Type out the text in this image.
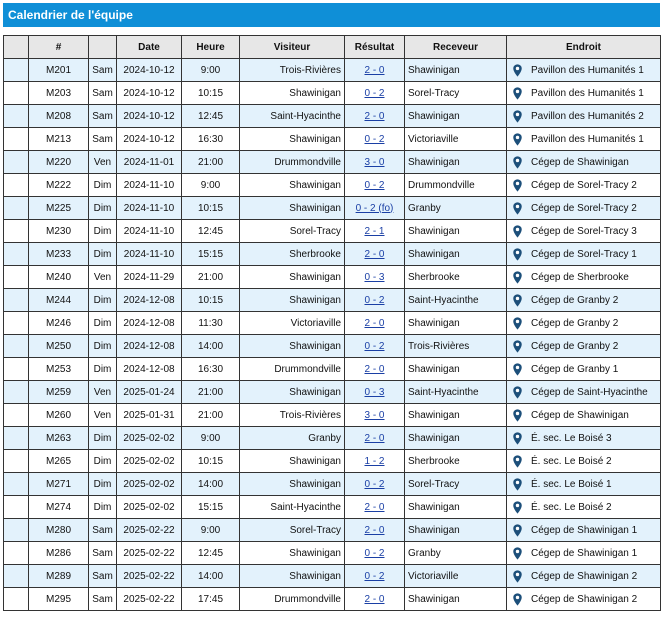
Calendrier de l'équipe
	#		Date	Heure	Visiteur	Résultat	Receveur	Endroit
	M201	Sam	2024-10-12	9:00	Trois-Rivières	2 - 0	Shawinigan	Pavillon des Humanités 1

	M203	Sam	2024-10-12	10:15	Shawinigan	0 - 2	Sorel-Tracy	Pavillon des Humanités 1

	M208	Sam	2024-10-12	12:45	Saint-Hyacinthe	2 - 0	Shawinigan	Pavillon des Humanités 2

	M213	Sam	2024-10-12	16:30	Shawinigan	0 - 2	Victoriaville	Pavillon des Humanités 1

	M220	Ven	2024-11-01	21:00	Drummondville	3 - 0	Shawinigan	Cégep de Shawinigan

	M222	Dim	2024-11-10	9:00	Shawinigan	0 - 2	Drummondville	Cégep de Sorel-Tracy 2

	M225	Dim	2024-11-10	10:15	Shawinigan	0 - 2 (fo)	Granby	Cégep de Sorel-Tracy 2

	M230	Dim	2024-11-10	12:45	Sorel-Tracy	2 - 1	Shawinigan	Cégep de Sorel-Tracy 3

	M233	Dim	2024-11-10	15:15	Sherbrooke	2 - 0	Shawinigan	Cégep de Sorel-Tracy 1

	M240	Ven	2024-11-29	21:00	Shawinigan	0 - 3	Sherbrooke	Cégep de Sherbrooke

	M244	Dim	2024-12-08	10:15	Shawinigan	0 - 2	Saint-Hyacinthe	Cégep de Granby 2

	M246	Dim	2024-12-08	11:30	Victoriaville	2 - 0	Shawinigan	Cégep de Granby 2

	M250	Dim	2024-12-08	14:00	Shawinigan	0 - 2	Trois-Rivières	Cégep de Granby 2

	M253	Dim	2024-12-08	16:30	Drummondville	2 - 0	Shawinigan	Cégep de Granby 1

	M259	Ven	2025-01-24	21:00	Shawinigan	0 - 3	Saint-Hyacinthe	Cégep de Saint-Hyacinthe

	M260	Ven	2025-01-31	21:00	Trois-Rivières	3 - 0	Shawinigan	Cégep de Shawinigan

	M263	Dim	2025-02-02	9:00	Granby	2 - 0	Shawinigan	É. sec. Le Boisé 3

	M265	Dim	2025-02-02	10:15	Shawinigan	1 - 2	Sherbrooke	É. sec. Le Boisé 2

	M271	Dim	2025-02-02	14:00	Shawinigan	0 - 2	Sorel-Tracy	É. sec. Le Boisé 1

	M274	Dim	2025-02-02	15:15	Saint-Hyacinthe	2 - 0	Shawinigan	É. sec. Le Boisé 2

	M280	Sam	2025-02-22	9:00	Sorel-Tracy	2 - 0	Shawinigan	Cégep de Shawinigan 1

	M286	Sam	2025-02-22	12:45	Shawinigan	0 - 2	Granby	Cégep de Shawinigan 1

	M289	Sam	2025-02-22	14:00	Shawinigan	0 - 2	Victoriaville	Cégep de Shawinigan 2

	M295	Sam	2025-02-22	17:45	Drummondville	2 - 0	Shawinigan	Cégep de Shawinigan 2
